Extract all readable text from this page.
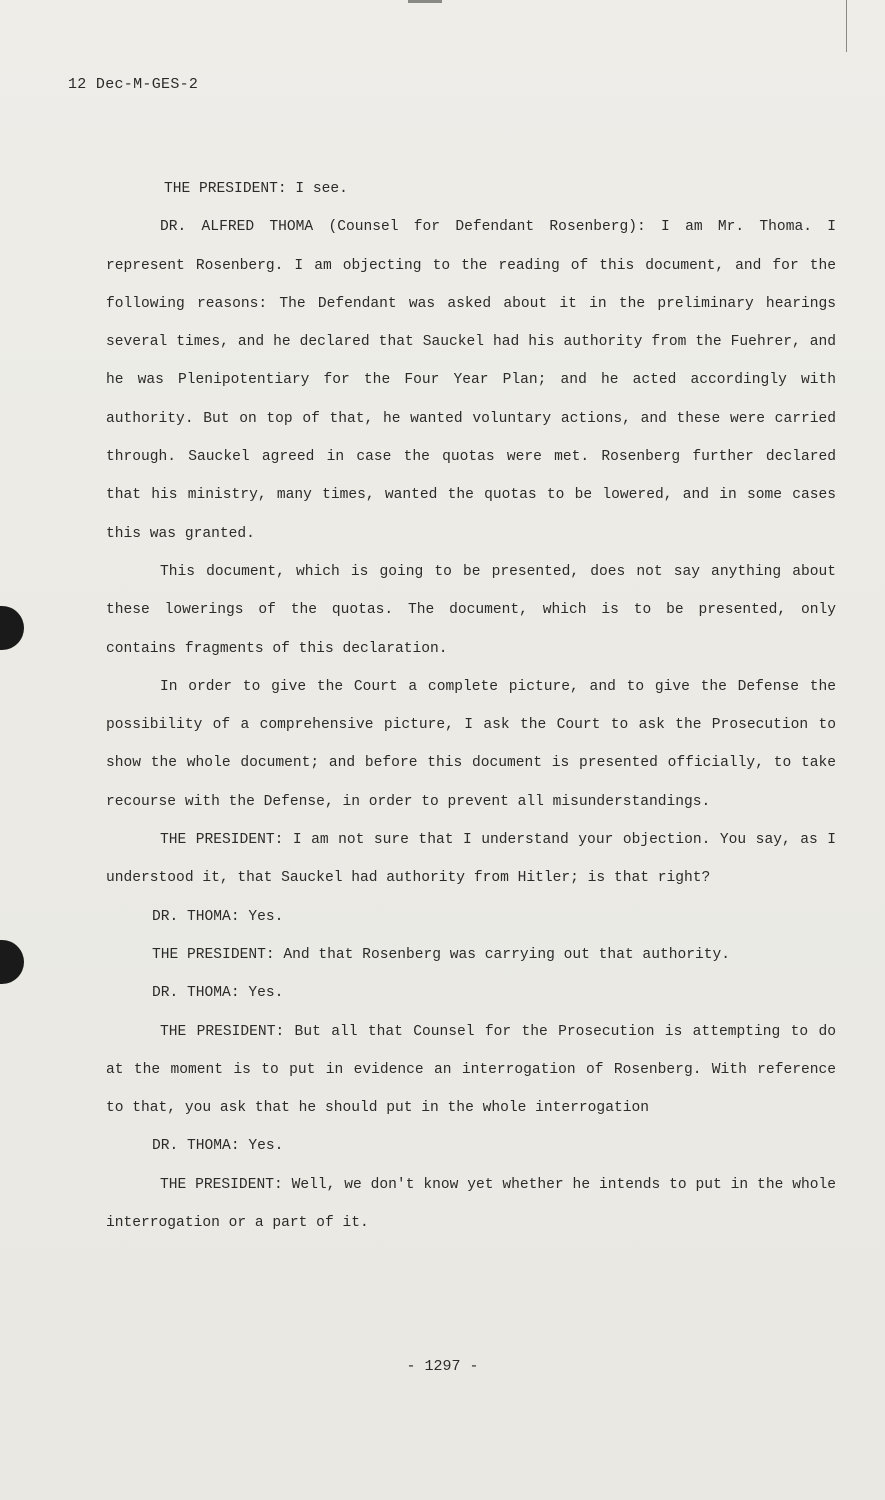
12 Dec-M-GES-2

THE PRESIDENT: I see.

DR. ALFRED THOMA (Counsel for Defendant Rosenberg): I am Mr. Thoma. I represent Rosenberg. I am objecting to the reading of this document, and for the following reasons: The Defendant was asked about it in the preliminary hearings several times, and he declared that Sauckel had his authority from the Fuehrer, and he was Plenipotentiary for the Four Year Plan; and he acted accordingly with authority. But on top of that, he wanted voluntary actions, and these were carried through. Sauckel agreed in case the quotas were met. Rosenberg further declared that his ministry, many times, wanted the quotas to be lowered, and in some cases this was granted.

This document, which is going to be presented, does not say anything about these lowerings of the quotas. The document, which is to be presented, only contains fragments of this declaration.

In order to give the Court a complete picture, and to give the Defense the possibility of a comprehensive picture, I ask the Court to ask the Prosecution to show the whole document; and before this document is presented officially, to take recourse with the Defense, in order to prevent all misunderstandings.

THE PRESIDENT: I am not sure that I understand your objection. You say, as I understood it, that Sauckel had authority from Hitler; is that right?

DR. THOMA: Yes.

THE PRESIDENT: And that Rosenberg was carrying out that authority.

DR. THOMA: Yes.

THE PRESIDENT: But all that Counsel for the Prosecution is attempting to do at the moment is to put in evidence an interrogation of Rosenberg. With reference to that, you ask that he should put in the whole interrogation

DR. THOMA: Yes.

THE PRESIDENT: Well, we don't know yet whether he intends to put in the whole interrogation or a part of it.

- 1297 -
